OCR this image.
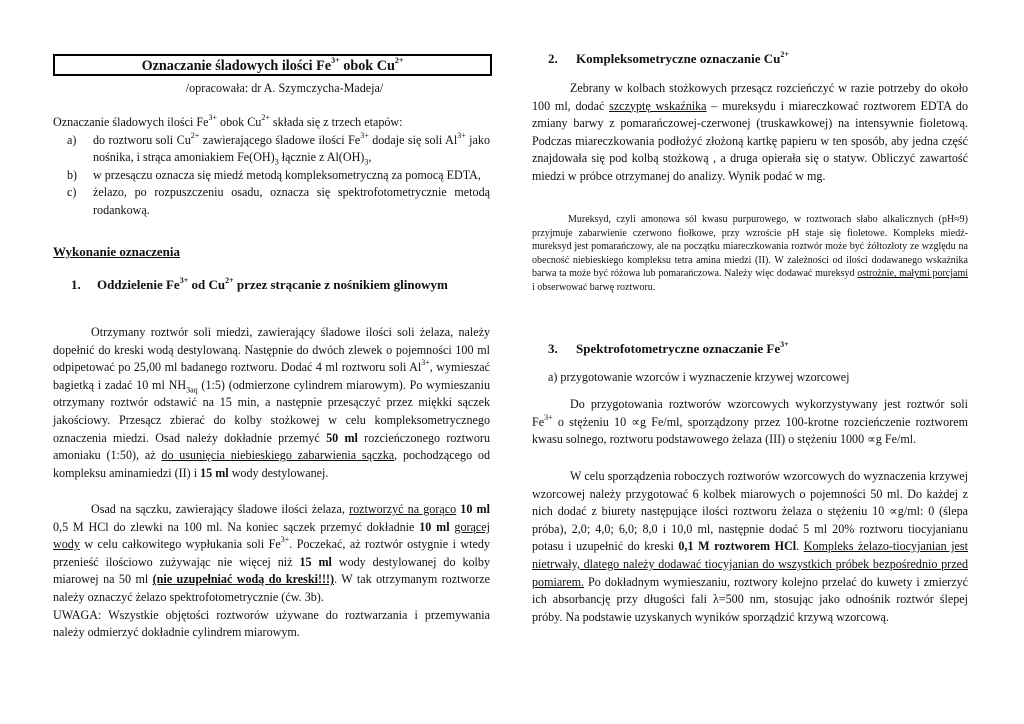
Oznaczanie śladowych ilości $Fe^{3+}$ obok $Cu^{2+}$
/opracowała: dr A. Szymczycha-Madeja/

Oznaczanie śladowych ilości $Fe^{3+}$ obok $Cu^{2+}$ składa się z trzech etapów:

a)	do roztworu soli $Cu^{2+}$ zawierającego śladowe ilości $Fe^{3+}$ dodaje się soli $Al^{3+}$ jako nośnika, i strąca amoniakiem $Fe(OH)_3$ łącznie z $Al(OH)_3$,
b)	w przesączu oznacza się miedź metodą kompleksometryczną za pomocą EDTA,
c)	żelazo, po rozpuszczeniu osadu, oznacza się spektrofotometrycznie metodą rodankową.
Wykonanie oznaczenia
1.	Oddzielenie $Fe^{3+}$ od $Cu^{2+}$ przez strącanie z nośnikiem glinowym

Otrzymany roztwór soli miedzi, zawierający śladowe ilości soli żelaza, należy dopełnić do kreski wodą destylowaną. Następnie do dwóch zlewek o pojemności 100 ml odpipetować po 25,00 ml badanego roztworu. Dodać 4 ml roztworu soli $Al^{3+}$, wymieszać bagietką i zadać 10 ml $NH_{3aq}$ (1:5) (odmierzone cylindrem miarowym). Po wymieszaniu otrzymany roztwór odstawić na 15 min, a następnie przesączyć przez miękki sączek jakościowy. Przesącz zbierać do kolby stożkowej w celu kompleksometrycznego oznaczenia miedzi. Osad należy dokładnie przemyć 50 ml rozcieńczonego roztworu amoniaku (1:50), aż do usunięcia niebieskiego zabarwienia sączka, pochodzącego od kompleksu aminamiedzi (II) i 15 ml wody destylowanej.

Osad na sączku, zawierający śladowe ilości żelaza, roztworzyć na gorąco 10 ml 0,5 M HCl do zlewki na 100 ml. Na koniec sączek przemyć dokładnie 10 ml gorącej wody w celu całkowitego wypłukania soli $Fe^{3+}$. Poczekać, aż roztwór ostygnie i wtedy przenieść ilościowo zużywając nie więcej niż 15 ml wody destylowanej do kolby miarowej na 50 ml (nie uzupełniać wodą do kreski!!!). W tak otrzymanym roztworze należy oznaczyć żelazo spektrofotometrycznie (ćw. 3b).

UWAGA: Wszystkie objętości roztworów używane do roztwarzania i przemywania należy odmierzyć dokładnie cylindrem miarowym.

2.	Kompleksometryczne oznaczanie $Cu^{2+}$

Zebrany w kolbach stożkowych przesącz rozcieńczyć w razie potrzeby do około 100 ml, dodać szczyptę wskaźnika – mureksydu i miareczkować roztworem EDTA do zmiany barwy z pomarańczowej-czerwonej (truskawkowej) na intensywnie fioletową. Podczas miareczkowania podłożyć złożoną kartkę papieru w ten sposób, aby jedna część znajdowała się pod kolbą stożkową , a druga opierała się o statyw. Obliczyć zawartość miedzi w próbce otrzymanej do analizy. Wynik podać w mg.

Mureksyd, czyli amonowa sól kwasu purpurowego, w roztworach słabo alkalicznych (pH≈9) przyjmuje zabarwienie czerwono fiołkowe, przy wzroście pH staje się fioletowe. Kompleks miedź-mureksyd jest pomarańczowy, ale na początku miareczkowania roztwór może być żółtozłoty ze względu na obecność niebieskiego kompleksu tetra amina miedzi (II). W zależności od ilości dodawanego wskaźnika barwa ta może być różowa lub pomarańczowa. Należy więc dodawać mureksyd ostrożnie, małymi porcjami i obserwować barwę roztworu.

3.	Spektrofotometryczne oznaczanie $Fe^{3+}$
a) przygotowanie wzorców i wyznaczenie krzywej wzorcowej

Do przygotowania roztworów wzorcowych wykorzystywany jest roztwór soli $Fe^{3+}$ o stężeniu 10 ∝g Fe/ml, sporządzony przez 100-krotne rozcieńczenie roztworem kwasu solnego, roztworu podstawowego żelaza (III) o stężeniu 1000 ∝g Fe/ml.

W celu sporządzenia roboczych roztworów wzorcowych do wyznaczenia krzywej wzorcowej należy przygotować 6 kolbek miarowych o pojemności 50 ml. Do każdej z nich dodać z biurety następujące ilości roztworu żelaza o stężeniu 10 ∝g/ml: 0 (ślepa próba), 2,0; 4,0; 6,0; 8,0 i 10,0 ml, następnie dodać 5 ml 20% roztworu tiocyjanianu potasu i uzupełnić do kreski 0,1 M roztworem HCl. Kompleks żelazo-tiocyjanian jest nietrwały, dlatego należy dodawać tiocyjanian do wszystkich próbek bezpośrednio przed pomiarem. Po dokładnym wymieszaniu, roztwory kolejno przelać do kuwety i zmierzyć ich absorbancję przy długości fali λ=500 nm, stosując jako odnośnik roztwór ślepej próby. Na podstawie uzyskanych wyników sporządzić krzywą wzorcową.
